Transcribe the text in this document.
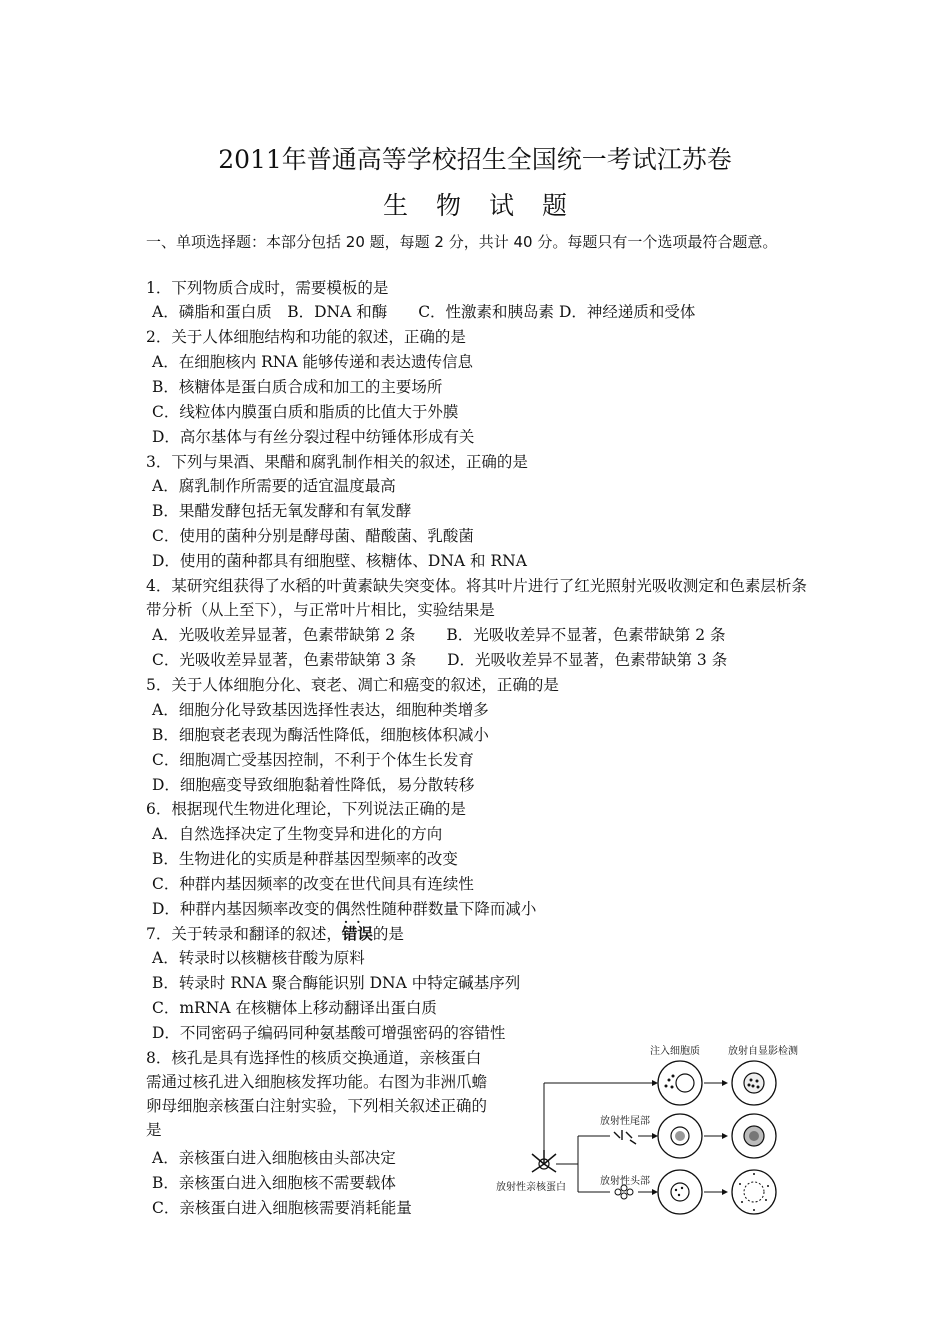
2011年普通高等学校招生全国统一考试江苏卷
生物试题
一、单项选择题：本部分包括 20 题，每题 2 分，共计 40 分。每题只有一个选项最符合题意。
1．下列物质合成时，需要模板的是
A．磷脂和蛋白质　B．DNA 和酶　　C．性激素和胰岛素 D．神经递质和受体
2．关于人体细胞结构和功能的叙述，正确的是
A．在细胞核内 RNA 能够传递和表达遗传信息
B．核糖体是蛋白质合成和加工的主要场所
C．线粒体内膜蛋白质和脂质的比值大于外膜
D．高尔基体与有丝分裂过程中纺锤体形成有关
3．下列与果酒、果醋和腐乳制作相关的叙述，正确的是
A．腐乳制作所需要的适宜温度最高
B．果醋发酵包括无氧发酵和有氧发酵
C．使用的菌种分别是酵母菌、醋酸菌、乳酸菌
D．使用的菌种都具有细胞壁、核糖体、DNA 和 RNA
4．某研究组获得了水稻的叶黄素缺失突变体。将其叶片进行了红光照射光吸收测定和色素层析条带分析（从上至下），与正常叶片相比，实验结果是
A．光吸收差异显著，色素带缺第 2 条　　B．光吸收差异不显著，色素带缺第 2 条
C．光吸收差异显著，色素带缺第 3 条　　D．光吸收差异不显著，色素带缺第 3 条
5．关于人体细胞分化、衰老、凋亡和癌变的叙述，正确的是
A．细胞分化导致基因选择性表达，细胞种类增多
B．细胞衰老表现为酶活性降低，细胞核体积减小
C．细胞凋亡受基因控制，不利于个体生长发育
D．细胞癌变导致细胞黏着性降低，易分散转移
6．根据现代生物进化理论，下列说法正确的是
A．自然选择决定了生物变异和进化的方向
B．生物进化的实质是种群基因型频率的改变
C．种群内基因频率的改变在世代间具有连续性
D．种群内基因频率改变的偶然性随种群数量下降而减小
7．关于转录和翻译的叙述，· · 错误的是
A．转录时以核糖核苷酸为原料
B．转录时 RNA 聚合酶能识别 DNA 中特定碱基序列
C．mRNA 在核糖体上移动翻译出蛋白质
D．不同密码子编码同种氨基酸可增强密码的容错性
8．核孔是具有选择性的核质交换通道，亲核蛋白需通过核孔进入细胞核发挥功能。右图为非洲爪蟾卵母细胞亲核蛋白注射实验，下列相关叙述正确的是
A．亲核蛋白进入细胞核由头部决定
B．亲核蛋白进入细胞核不需要载体
C．亲核蛋白进入细胞核需要消耗能量
注入细胞质	放射自显影检测
放射性尾部
放射性头部
放射性亲核蛋白
